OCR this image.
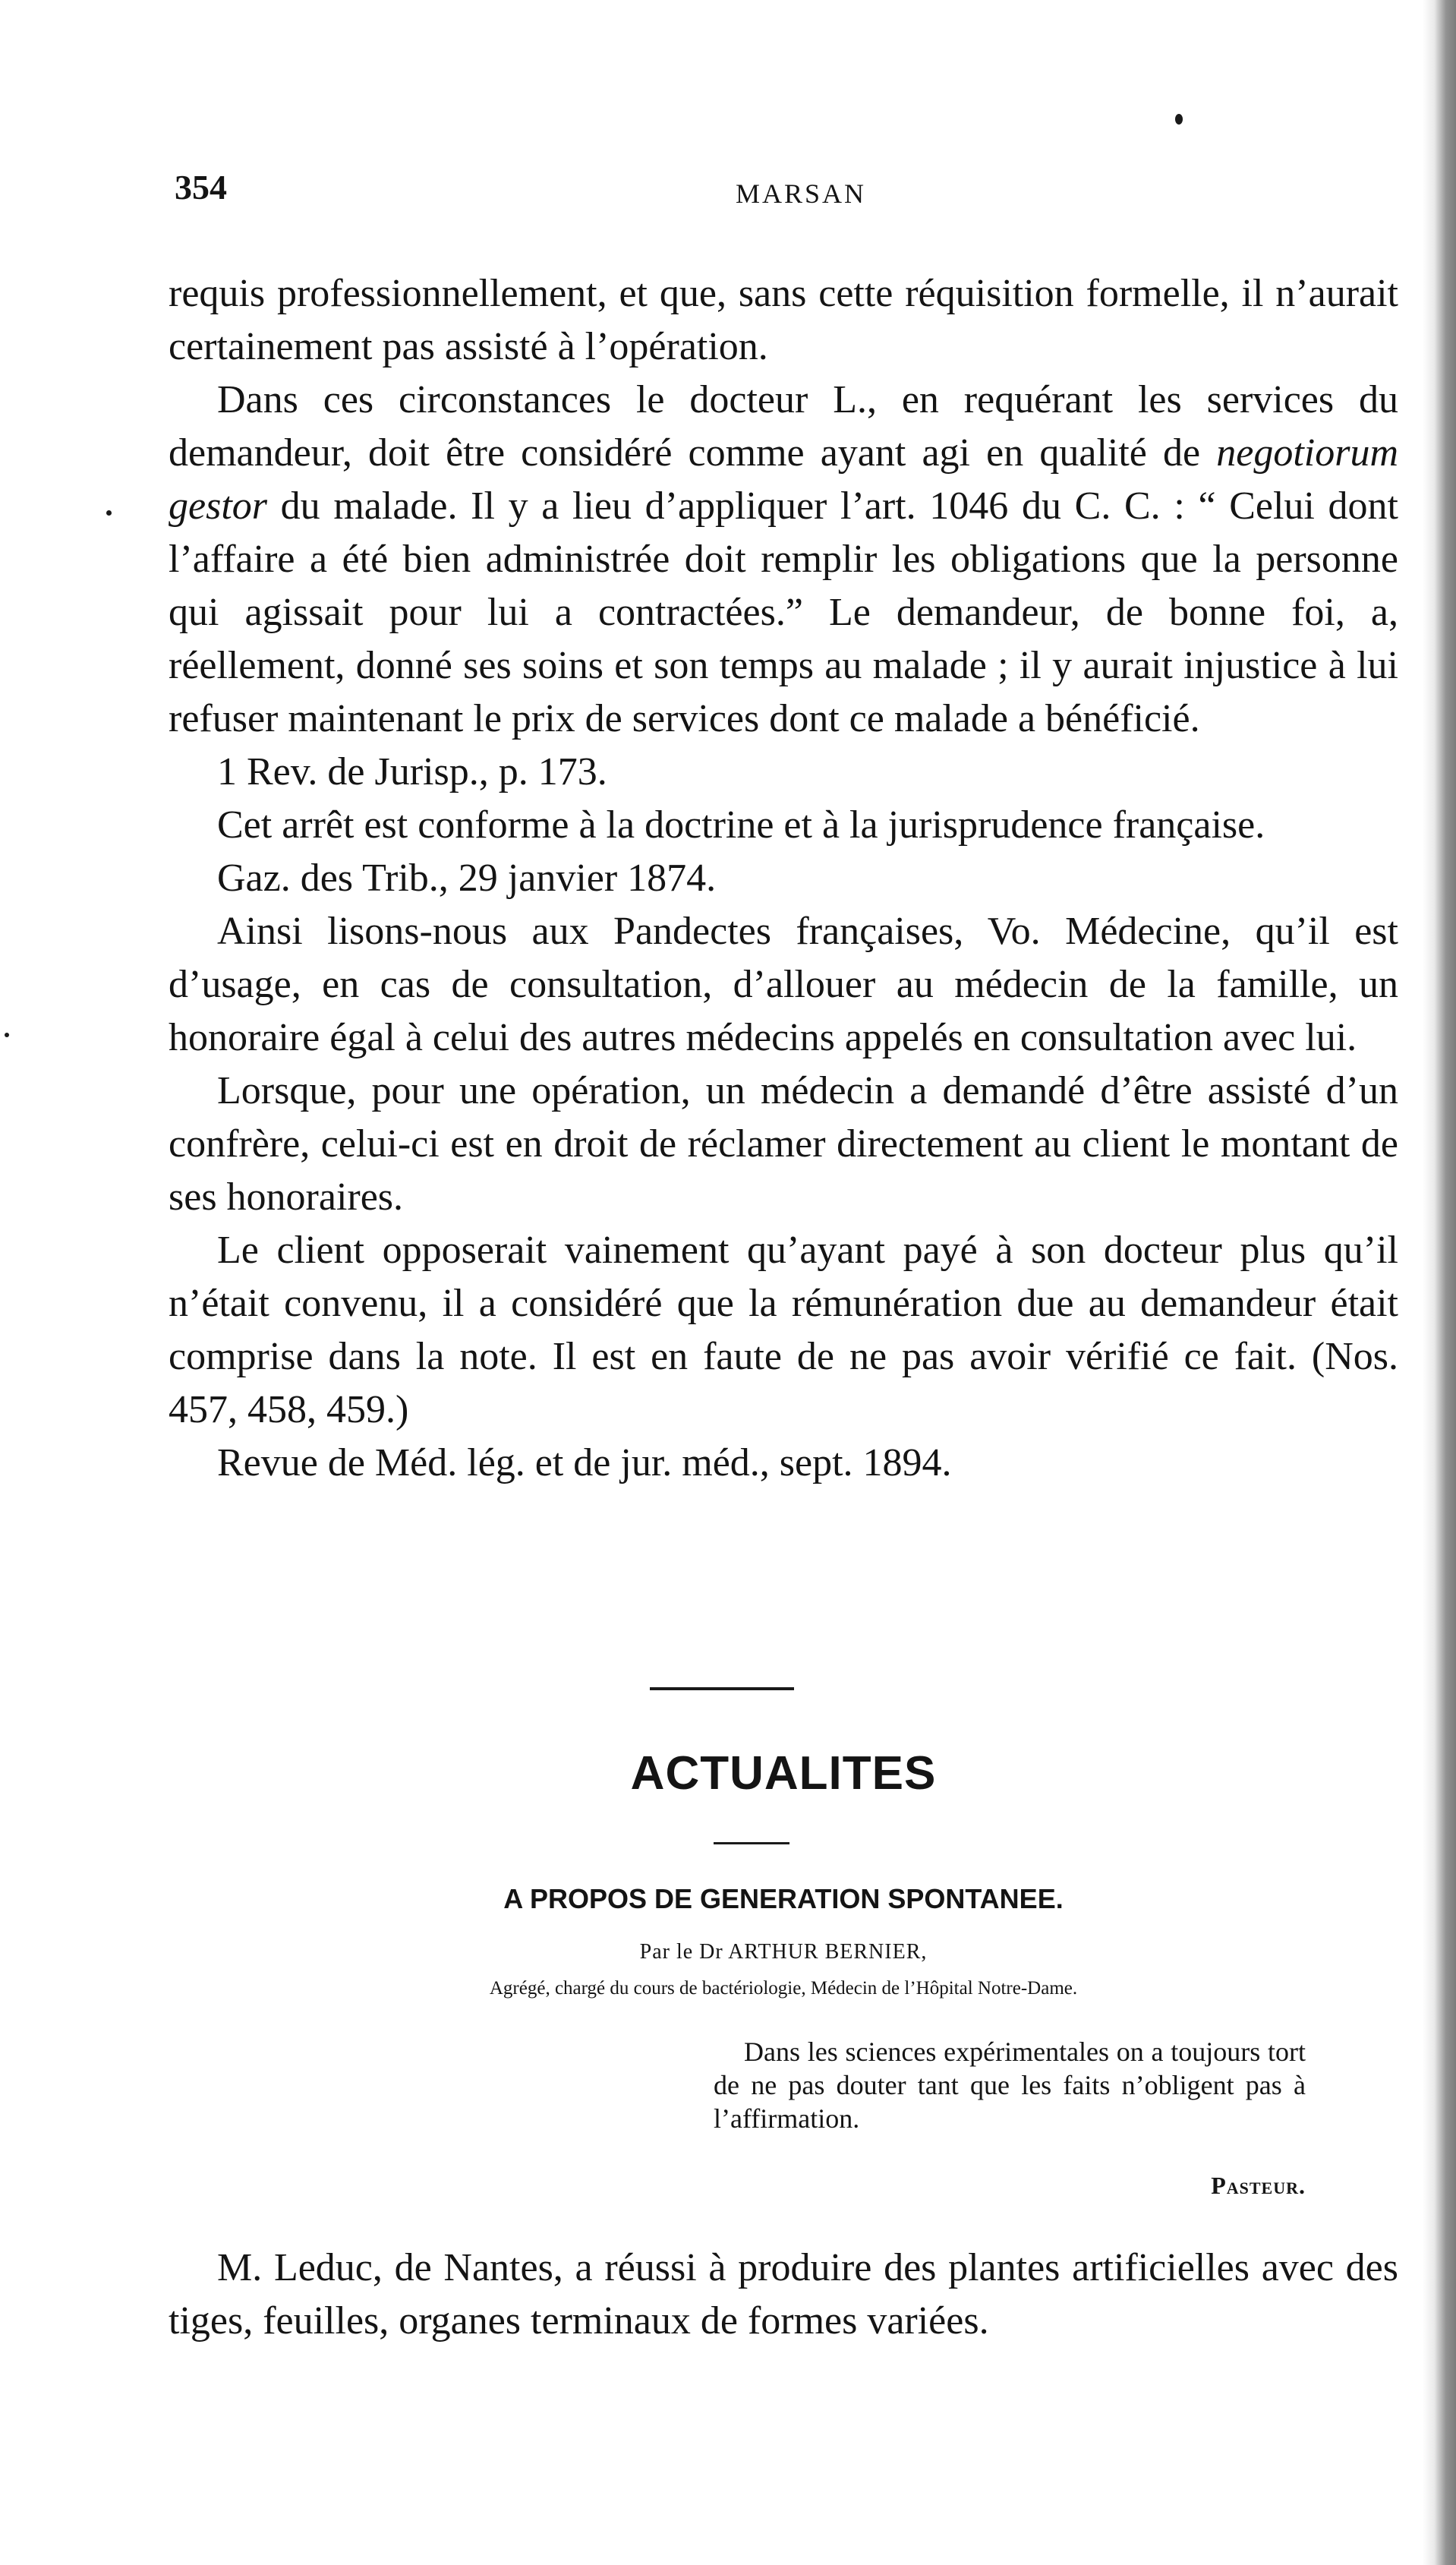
354	MARSAN

requis professionnellement, et que, sans cette réquisition formelle, il n’aurait certainement pas assisté à l’opération.

Dans ces circonstances le docteur L., en requérant les services du demandeur, doit être considéré comme ayant agi en qualité de negotiorum gestor du malade. Il y a lieu d’appliquer l’art. 1046 du C. C. : “ Celui dont l’affaire a été bien administrée doit remplir les obligations que la personne qui agissait pour lui a contractées.” Le demandeur, de bonne foi, a, réellement, donné ses soins et son temps au malade ; il y aurait injustice à lui refuser maintenant le prix de services dont ce malade a bénéficié.

1 Rev. de Jurisp., p. 173.

Cet arrêt est conforme à la doctrine et à la jurisprudence française.

Gaz. des Trib., 29 janvier 1874.

Ainsi lisons-nous aux Pandectes françaises, Vo. Médecine, qu’il est d’usage, en cas de consultation, d’allouer au médecin de la famille, un honoraire égal à celui des autres médecins appelés en consultation avec lui.

Lorsque, pour une opération, un médecin a demandé d’être assisté d’un confrère, celui-ci est en droit de réclamer directement au client le montant de ses honoraires.

Le client opposerait vainement qu’ayant payé à son docteur plus qu’il n’était convenu, il a considéré que la rémunération due au demandeur était comprise dans la note. Il est en faute de ne pas avoir vérifié ce fait. (Nos. 457, 458, 459.)

Revue de Méd. lég. et de jur. méd., sept. 1894.

ACTUALITES
A PROPOS DE GENERATION SPONTANEE.
Par le Dr ARTHUR BERNIER,
Agrégé, chargé du cours de bactériologie, Médecin de l’Hôpital Notre-Dame.
Dans les sciences expérimentales on a toujours tort de ne pas douter tant que les faits n’obligent pas à l’affirmation.
Pasteur.

M. Leduc, de Nantes, a réussi à produire des plantes artificielles avec des tiges, feuilles, organes terminaux de formes variées.
